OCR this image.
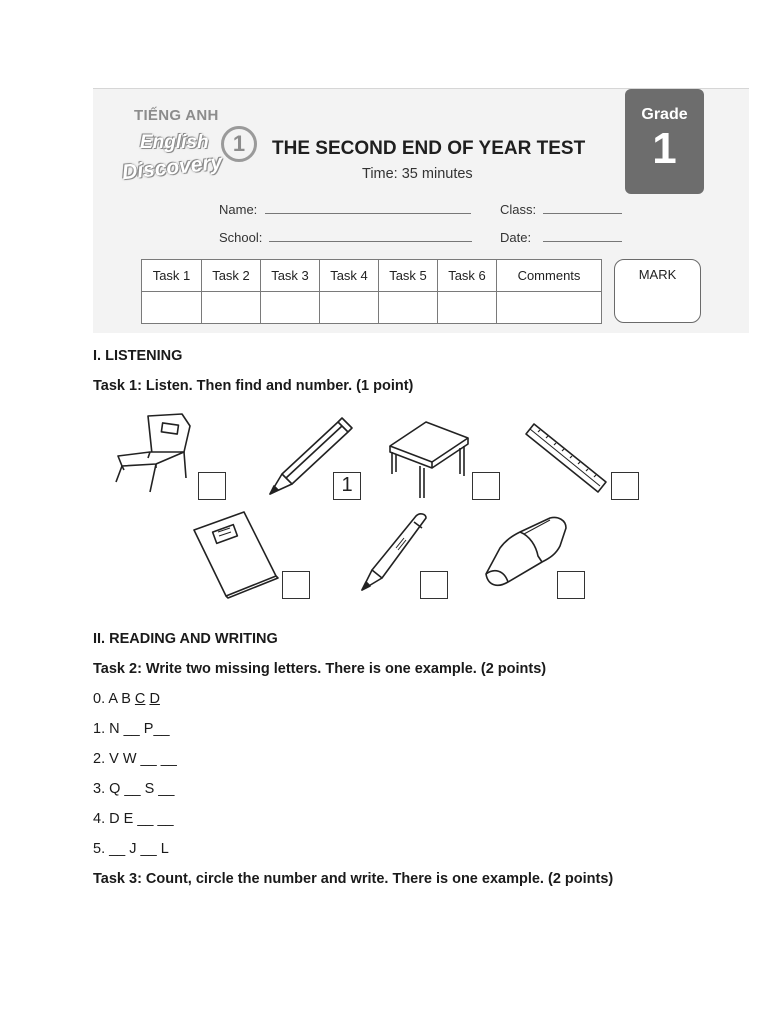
TIẾNG ANH
English	1
Discovery
THE SECOND END OF YEAR TEST
Time: 35 minutes
Grade
1
Name:	Class:
School:	Date:
Task 1	Task 2	Task 3	Task 4	Task 5	Task 6	Comments
							MARK
I. LISTENING
Task 1: Listen. Then find and number. (1 point)
1
II. READING AND WRITING
Task 2: Write two missing letters. There is one example. (2 points)
0. A B C D
1. N __ P__
2. V W __ __
3. Q __ S __
4. D E __ __
5. __ J __ L
Task 3: Count, circle the number and write. There is one example. (2 points)
